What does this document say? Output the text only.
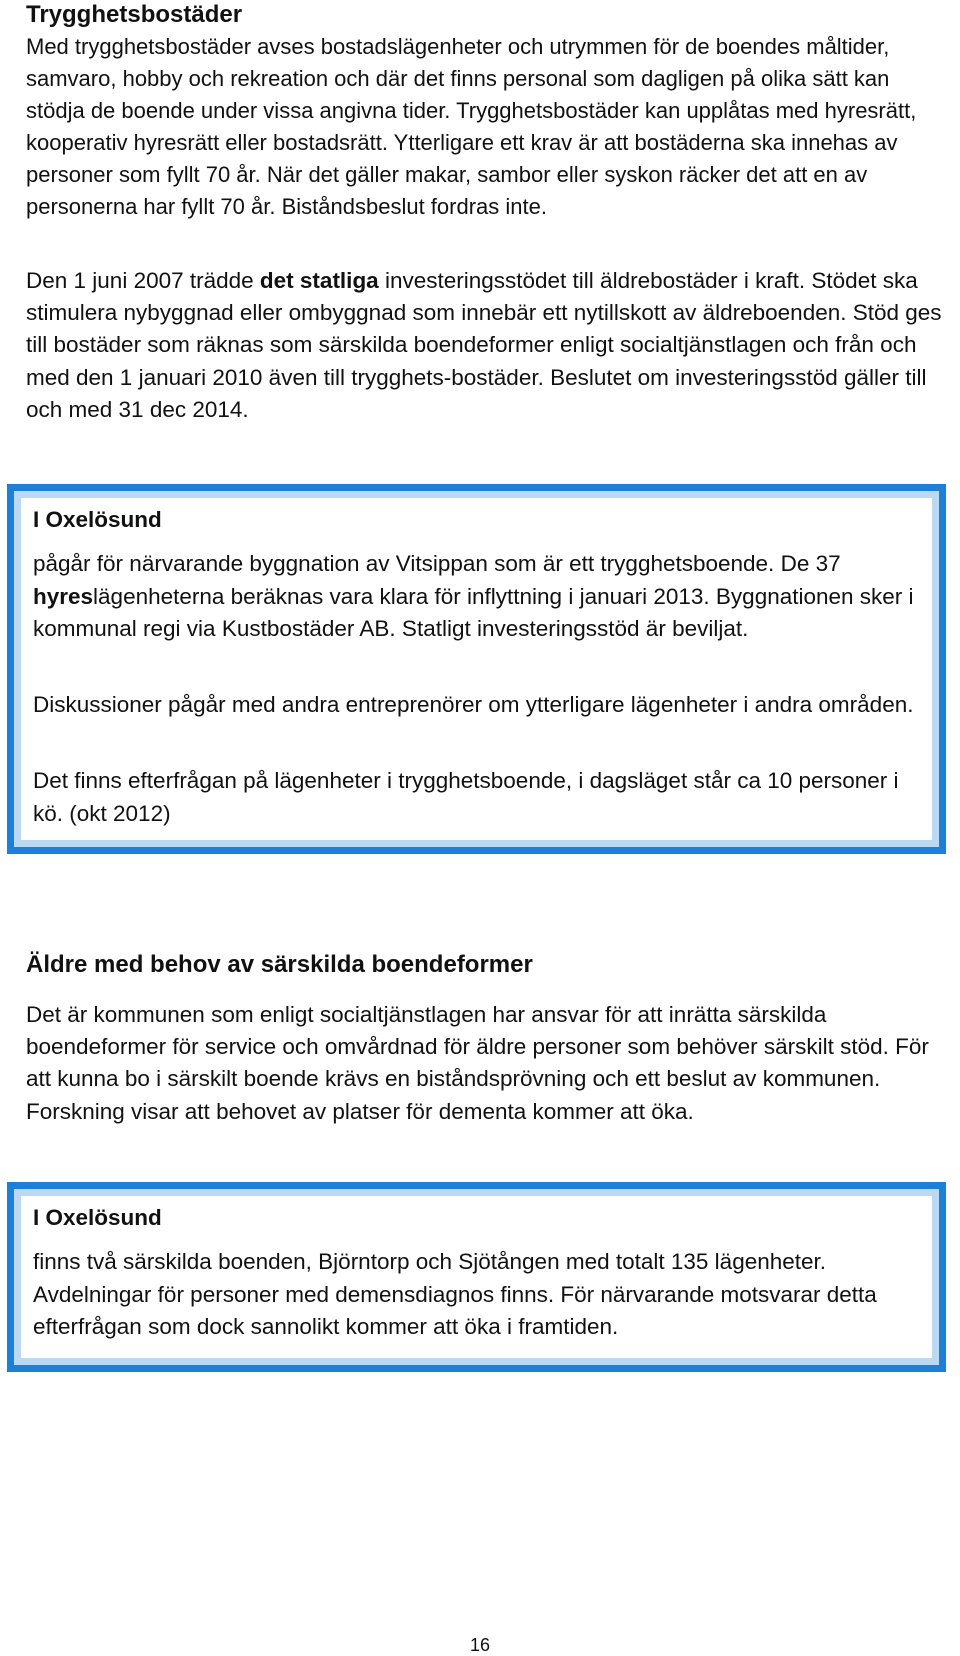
Trygghetsbostäder

Med trygghetsbostäder avses bostadslägenheter och utrymmen för de boendes måltider, samvaro, hobby och rekreation och där det finns personal som dagligen på olika sätt kan stödja de boende under vissa angivna tider. Trygghetsbostäder kan upplåtas med hyresrätt, kooperativ hyresrätt eller bostadsrätt. Ytterligare ett krav är att bostäderna ska innehas av personer som fyllt 70 år. När det gäller makar, sambor eller syskon räcker det att en av personerna har fyllt 70 år. Biståndsbeslut fordras inte.

Den 1 juni 2007 trädde det statliga investeringsstödet till äldrebostäder i kraft. Stödet ska stimulera nybyggnad eller ombyggnad som innebär ett nytillskott av äldreboenden. Stöd ges till bostäder som räknas som särskilda boendeformer enligt socialtjänstlagen och från och med den 1 januari 2010 även till trygghets-bostäder. Beslutet om investeringsstöd gäller till och med 31 dec 2014.

I Oxelösund

pågår för närvarande byggnation av Vitsippan som är ett trygghetsboende. De 37 hyreslägenheterna beräknas vara klara för inflyttning i januari 2013. Byggnationen sker i kommunal regi via Kustbostäder AB. Statligt investeringsstöd är beviljat.

Diskussioner pågår med andra entreprenörer om ytterligare lägenheter i andra områden.

Det finns efterfrågan på lägenheter i trygghetsboende, i dagsläget står ca 10 personer i kö. (okt 2012)

Äldre med behov av särskilda boendeformer

Det är kommunen som enligt socialtjänstlagen har ansvar för att inrätta särskilda boendeformer för service och omvårdnad för äldre personer som behöver särskilt stöd. För att kunna bo i särskilt boende krävs en biståndsprövning och ett beslut av kommunen. Forskning visar att behovet av platser för dementa kommer att öka.

I Oxelösund

finns två särskilda boenden, Björntorp och Sjötången med totalt 135 lägenheter. Avdelningar för personer med demensdiagnos finns. För närvarande motsvarar detta efterfrågan som dock sannolikt kommer att öka i framtiden.

16
